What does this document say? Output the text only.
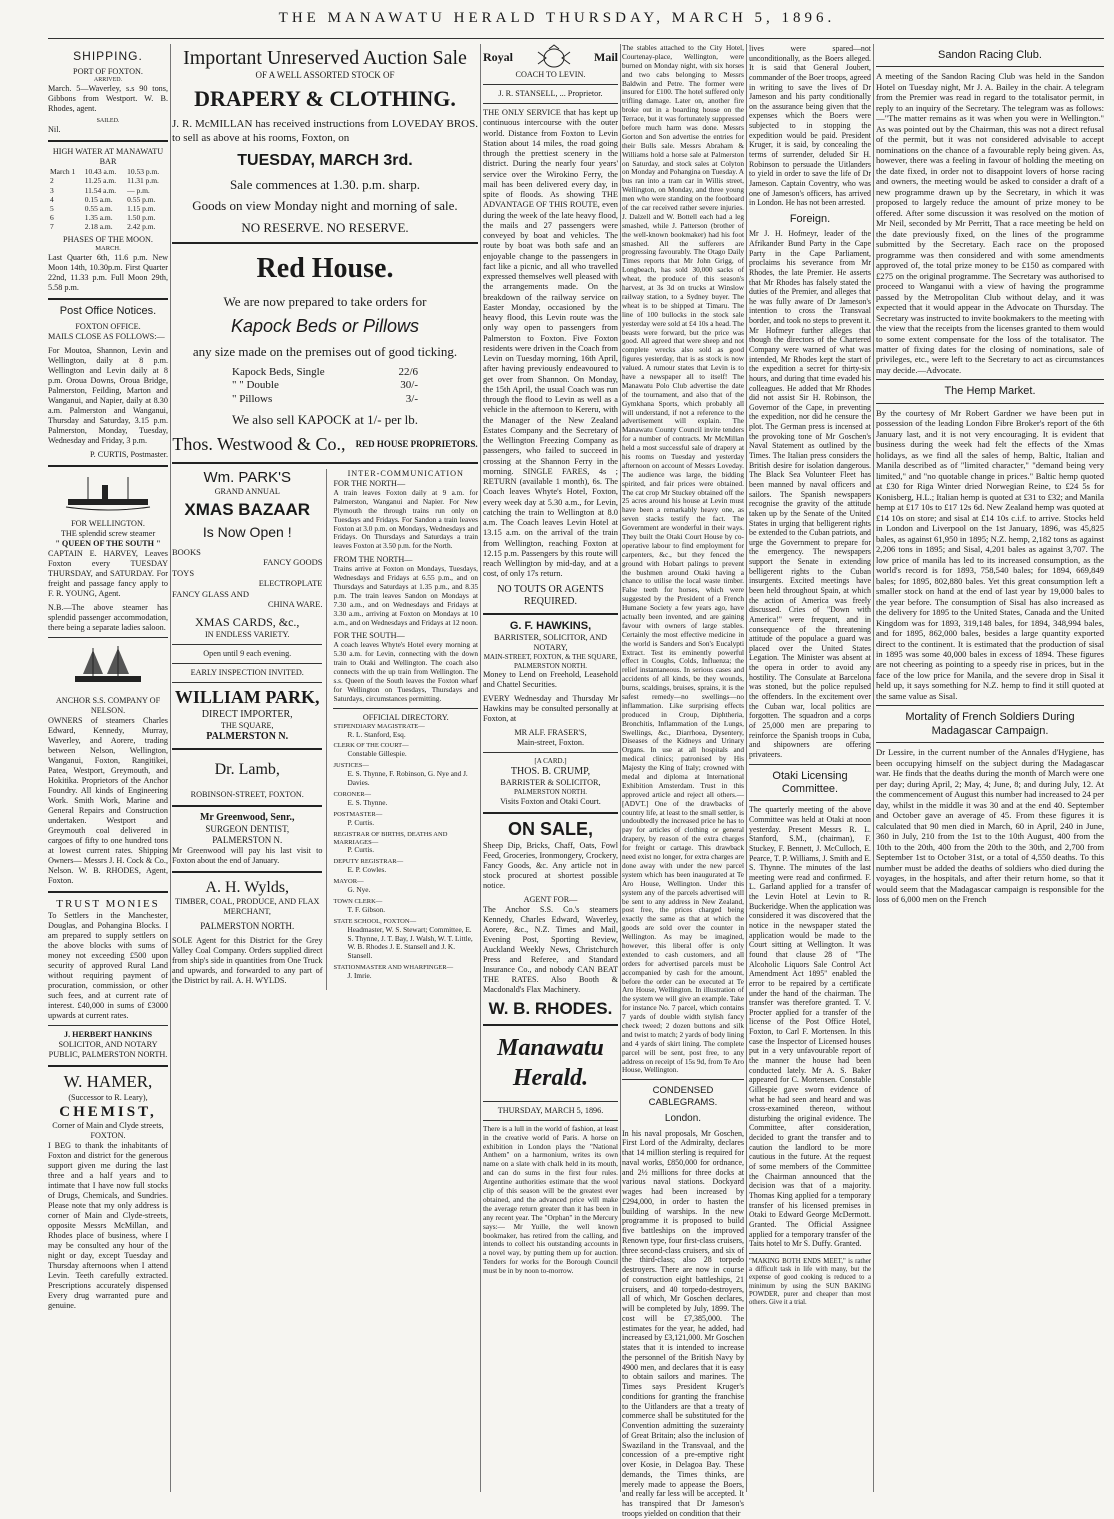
THE MANAWATU HERALD THURSDAY, MARCH 5, 1896.
SHIPPING.
PORT OF FOXTON.
ARRIVED.

March. 5—Waverley, s.s 90 tons, Gibbons from Westport. W. B. Rhodes, agent.

SAILED.

Nil.

HIGH WATER AT MANAWATU BAR
March 1	10.43 a.m.	10.53 p.m.
2	11.25 a.m.	11.31 p.m.
3	11.54 a.m.	— p.m.
4	0.15 a.m.	0.55 p.m.
5	0.55 a.m.	1.15 p.m.
6	1.35 a.m.	1.50 p.m.
7	2.18 a.m.	2.42 p.m.
PHASES OF THE MOON.
MARCH.

Last Quarter 6th, 11.6 p.m. New Moon 14th, 10.30p.m. First Quarter 22nd, 11.33 p.m. Full Moon 29th, 5.58 p.m.

Post Office Notices.
FOXTON OFFICE.

MAILS CLOSE AS FOLLOWS:—

For Moutoa, Shannon, Levin and Wellington, daily at 8 p.m. Wellington and Levin daily at 8 p.m. Oroua Downs, Oroua Bridge, Palmerston, Feilding, Marton and Wanganui, and Napier, daily at 8.30 a.m. Palmerston and Wanganui, Thursday and Saturday, 3.15 p.m. Palmerston, Monday, Tuesday, Wednesday and Friday, 3 p.m.

P. CURTIS, Postmaster.

FOR WELLINGTON.
THE splendid screw steamer
" QUEEN OF THE SOUTH "

CAPTAIN E. HARVEY, Leaves Foxton every TUESDAY THURSDAY, and SATURDAY. For freight and passage fancy apply to F. R. YOUNG, Agent.

N.B.—The above steamer has splendid passenger accommodation, there being a separate ladies saloon.

ANCHOR S.S. COMPANY OF NELSON.

OWNERS of steamers Charles Edward, Kennedy, Murray, Waverley, and Aorere, trading between Nelson, Wellington, Wanganui, Foxton, Rangitikei, Patea, Westport, Greymouth, and Hokitika. Proprietors of the Anchor Foundry. All kinds of Engineering Work. Smith Work, Marine and General Repairs and Construction undertaken. Westport and Greymouth coal delivered in cargoes of fifty to one hundred tons at lowest current rates. Shipping Owners— Messrs J. H. Cock & Co., Nelson. W. B. RHODES, Agent, Foxton.

TRUST MONIES

To Settlers in the Manchester, Douglas, and Pohangina Blocks. I am prepared to supply settlers on the above blocks with sums of money not exceeding £500 upon security of approved Rural Land without requiring payment of procuration, commission, or other such fees, and at current rate of interest. £40,000 in sums of £3000 upwards at current rates.

J. HERBERT HANKINS
SOLICITOR, AND NOTARY PUBLIC, PALMERSTON NORTH.
W. HAMER,
(Successor to R. Leary),
CHEMIST,
Corner of Main and Clyde streets, FOXTON.

I BEG to thank the inhabitants of Foxton and district for the generous support given me during the last three and a half years and to intimate that I have now full stocks of Drugs, Chemicals, and Sundries. Please note that my only address is corner of Main and Clyde-streets, opposite Messrs McMillan, and Rhodes place of business, where I may be consulted any hour of the night or day, except Tuesday and Thursday afternoons when I attend Levin. Teeth carefully extracted. Prescriptions accurately dispensed Every drug warranted pure and genuine.

Important Unreserved Auction Sale
OF A WELL ASSORTED STOCK OF
DRAPERY & CLOTHING.

J. R. McMILLAN has received instructions from LOVEDAY BROS. to sell as above at his rooms, Foxton, on

TUESDAY, MARCH 3rd.
Sale commences at 1.30. p.m. sharp.
Goods on view Monday night and morning of sale.
NO RESERVE. NO RESERVE.
Red House.
We are now prepared to take orders for
Kapock Beds or Pillows
any size made on the premises out of good ticking.
Kapock Beds, Single	22/6
" " Double	30/-
" Pillows	3/-
We also sell KAPOCK at 1/- per lb.
Thos. Westwood & Co., RED HOUSE PROPRIETORS.
Wm. PARK'S
GRAND ANNUAL
XMAS BAZAAR
Is Now Open !
BOOKS
FANCY GOODS
TOYS
ELECTROPLATE
FANCY GLASS AND
CHINA WARE.
XMAS CARDS, &c.,
IN ENDLESS VARIETY.
Open until 9 each evening.
EARLY INSPECTION INVITED.
WILLIAM PARK,
DIRECT IMPORTER,
THE SQUARE,
PALMERSTON N.
Dr. Lamb,
ROBINSON-STREET, FOXTON.
Mr Greenwood, Senr.,
SURGEON DENTIST,
PALMERSTON N.

Mr Greenwood will pay his last visit to Foxton about the end of January.

A. H. Wylds,
TIMBER, COAL, PRODUCE, AND FLAX MERCHANT,
PALMERSTON NORTH.

SOLE Agent for this District for the Grey Valley Coal Company. Orders supplied direct from ship's side in quantities from One Truck and upwards, and forwarded to any part of the District by rail. A. H. WYLDS.

INTER-COMMUNICATION
FOR THE NORTH—

A train leaves Foxton daily at 9 a.m. for Palmerston, Wanganui and Napier. For New Plymouth the through trains run only on Tuesdays and Fridays. For Sandon a train leaves Foxton at 3.0 p.m. on Mondays, Wednesdays and Fridays. On Thursdays and Saturdays a train leaves Foxton at 3.50 p.m. for the North.

FROM THE NORTH—

Trains arrive at Foxton on Mondays, Tuesdays, Wednesdays and Fridays at 6.55 p.m., and on Thursdays and Saturdays at 1.35 p.m., and 8.35 p.m. The train leaves Sandon on Mondays at 7.30 a.m., and on Wednesdays and Fridays at 3.30 a.m., arriving at Foxton on Mondays at 10 a.m., and on Wednesdays and Fridays at 12 noon.

FOR THE SOUTH—

A coach leaves Whyte's Hotel every morning at 5.30 a.m. for Levin, connecting with the down train to Otaki and Wellington. The coach also connects with the up train from Wellington. The s.s. Queen of the South leaves the Foxton wharf for Wellington on Tuesdays, Thursdays and Saturdays, circumstances permitting.

OFFICIAL DIRECTORY.
STIPENDIARY MAGISTRATE—
R. L. Stanford, Esq.
CLERK OF THE COURT—
Constable Gillespie.
JUSTICES—
E. S. Thynne, F. Robinson, G. Nye and J. Davies.
CORONER—
E. S. Thynne.
POSTMASTER—
P. Curtis.
REGISTRAR OF BIRTHS, DEATHS AND MARRIAGES—
P. Curtis.
DEPUTY REGISTRAR—
E. P. Cowles.
MAYOR—
G. Nye.
TOWN CLERK—
T. F. Gibson.
STATE SCHOOL, FOXTON—
Headmaster, W. S. Stewart; Committee, E. S. Thynne, J. T. Bay, J. Walsh, W. T. Little, W. B. Rhodes J. E. Stansell and J. K. Stansell.
STATIONMASTER AND WHARFINGER—
J. Imrie.
Royal	Mail
COACH TO LEVIN.
J. R. STANSELL, ... Proprietor.

THE ONLY SERVICE that has kept up continuous intercourse with the outer world. Distance from Foxton to Levin Station about 14 miles, the road going through the prettiest scenery in the district. During the nearly four years' service over the Wirokino Ferry, the mail has been delivered every day, in spite of floods. As showing THE ADVANTAGE OF THIS ROUTE, even during the week of the late heavy flood, the mails and 27 passengers were conveyed by boat and vehicles. The route by boat was both safe and an enjoyable change to the passengers in fact like a picnic, and all who travelled expressed themselves well pleased with the arrangements made. On the breakdown of the railway service on Easter Monday, occasioned by the heavy flood, this Levin route was the only way open to passengers from Palmerston to Foxton. Five Foxton residents were driven in the Coach from Levin on Tuesday morning, 16th April, after having previously endeavoured to get over from Shannon. On Monday, the 15th April, the usual Coach was run through the flood to Levin as well as a vehicle in the afternoon to Kereru, with the Manager of the New Zealand Estates Company and the Secretary of the Wellington Freezing Company as passengers, who failed to succeed in crossing at the Shannon Ferry in the morning. SINGLE FARES, 4s ; RETURN (available 1 month), 6s. The Coach leaves Whyte's Hotel, Foxton, every week day at 5.30 a.m., for Levin, catching the train to Wellington at 8.0 a.m. The Coach leaves Levin Hotel at 13.15 a.m. on the arrival of the train from Wellington, reaching Foxton at 12.15 p.m. Passengers by this route will reach Wellington by mid-day, and at a cost, of only 17s return.

NO TOUTS OR AGENTS REQUIRED.
G. F. HAWKINS,
BARRISTER, SOLICITOR, AND NOTARY,
MAIN-STREET, FOXTON, & THE SQUARE, PALMERSTON NORTH.

Money to Lend on Freehold, Leasehold and Chattel Securities.

EVERY Wednesday and Thursday Mr Hawkins may be consulted personally at Foxton, at

MR ALF. FRASER'S,
Main-street, Foxton.
[A CARD.]
THOS. B. CRUMP,
BARRISTER & SOLICITOR,
PALMERSTON NORTH.
Visits Foxton and Otaki Court.
ON SALE,

Sheep Dip, Bricks, Chaff, Oats, Fowl Feed, Groceries, Ironmongery, Crockery, Fancy Goods, &c. Any article not in stock procured at shortest possible notice.

AGENT FOR—

The Anchor S.S. Co.'s steamers Kennedy, Charles Edward, Waverley, Aorere, &c., N.Z. Times and Mail, Evening Post, Sporting Review, Auckland Weekly News, Christchurch Press and Referee, and Standard Insurance Co., and nobody CAN BEAT THE RATES. Also Booth & Macdonald's Flax Machinery.

W. B. RHODES.
Manawatu Herald.
THURSDAY, MARCH 5, 1896.

There is a lull in the world of fashion, at least in the creative world of Paris. A horse on exhibition in London plays the "National Anthem" on a harmonium, writes its own name on a slate with chalk held in its mouth, and can do sums in the first four rules. Argentine authorities estimate that the wool clip of this season will be the greatest ever obtained, and the advanced price will make the average return greater than it has been in any recent year. The "Orphan" in the Mercury says:— Mr Yuille, the well known bookmaker, has retired from the calling, and intends to collect his outstanding accounts in a novel way, by putting them up for auction. Tenders for works for the Borough Council must be in by noon to-morrow.

The stables attached to the City Hotel, Courtenay-place, Wellington, were burned on Monday night, with six horses and two cabs belonging to Messrs Baldwin and Petre. The former were insured for £100. The hotel suffered only trifling damage. Later on, another fire broke out in a boarding house on the Terrace, but it was fortunately suppressed before much harm was done. Messrs Gorton and Son advertise the entries for their Bulls sale. Messrs Abraham & Williams hold a horse sale at Palmerston on Saturday, and stock sales at Colyton on Monday and Pohangina on Tuesday. A bus ran into a tram car in Willis street, Wellington, on Monday, and three young men who were standing on the footboard of the car received rather severe injuries. J. Dalzell and W. Bottell each had a leg smashed, while J. Patterson (brother of the well-known bookmaker) had his foot smashed. All the sufferers are progressing favourably. The Otago Daily Times reports that Mr John Grigg, of Longbeach, has sold 30,000 sacks of wheat, the produce of this season's harvest, at 3s 3d on trucks at Winslow railway station, to a Sydney buyer. The wheat is to be shipped at Timaru. The line of 100 bullocks in the stock sale yesterday were sold at £4 10s a head. The beasts were forward, but the price was good. All agreed that were sheep and not complete wrecks also sold as good figures yesterday, that is as stock is now valued. A rumour states that Levin is to have a newspaper all to itself! The Manawatu Polo Club advertise the date of the tournament, and also that of the Gymkhana Sports, which probably all will understand, if not a reference to the advertisement will explain. The Manawatu County Council invite tenders for a number of contracts. Mr McMillan held a most successful sale of drapery at his rooms on Tuesday and yesterday afternoon on account of Messrs Loveday. The audience was large, the bidding spirited, and fair prices were obtained. The cat crop Mr Stuckey obtained off the 25 acres around his house at Levin must have been a remarkably heavy one, as seven stacks testify the fact. The Government are wonderful in their ways. They built the Otaki Court House by co-operative labour to find employment for carpenters, &c., but they fenced the ground with Hobart palings to prevent the bushmen around Otaki having a chance to utilise the local waste timber. False teeth for horses, which were suggested by the President of a French Humane Society a few years ago, have actually been invented, and are gaining favour with owners of large stables. Certainly the most effective medicine in the world is Sanders and Son's Eucalypti Extract. Test its eminently powerful effect in Coughs, Colds, Influenza; the relief instantaneous. In serious cases and accidents of all kinds, be they wounds, burns, scaldings, bruises, sprains, it is the safest remedy—no swellings—no inflammation. Like surprising effects produced in Croup, Diphtheria, Bronchitis, Inflammation of the Lungs, Swellings, &c., Diarrhoea, Dysentery, Diseases of the Kidneys and Urinary Organs. In use at all hospitals and medical clinics; patronised by His Majesty the King of Italy; crowned with medal and diploma at International Exhibition Amsterdam. Trust in this approved article and reject all others.— [ADVT.] One of the drawbacks of country life, at least to the small settler, is undoubtedly the increased price he has to pay for articles of clothing or general drapery, by reason of the extra charges for freight or cartage. This drawback need exist no longer, for extra charges are done away with under the new parcel system which has been inaugurated at Te Aro House, Wellington. Under this system any of the parcels advertised will be sent to any address in New Zealand, post free, the prices charged being exactly the same as that at which the goods are sold over the counter in Wellington. As may be imagined, however, this liberal offer is only extended to cash customers, and all orders for advertised parcels must be accompanied by cash for the amount, before the order can be executed at Te Aro House, Wellington. In illustration of the system we will give an example. Take for instance No. 7 parcel, which contains 7 yards of double width stylish fancy check tweed; 2 dozen buttons and silk and twist to match; 2 yards of body lining and 4 yards of skirt lining. The complete parcel will be sent, post free, to any address on receipt of 15s 9d, from Te Aro House, Wellington.

CONDENSED CABLEGRAMS.
London.

In his naval proposals, Mr Goschen, First Lord of the Admiralty, declares that 14 million sterling is required for naval works, £850,000 for ordnance, and 2½ millions for three docks at various naval stations. Dockyard wages had been increased by £294,000, in order to hasten the building of warships. In the new programme it is proposed to build five battleships on the improved Renown type, four first-class cruisers, three second-class cruisers, and six of the third-class; also 28 torpedo destroyers. There are now in course of construction eight battleships, 21 cruisers, and 40 torpedo-destroyers, all of which, Mr Goschen declares, will be completed by July, 1899. The cost will be £7,385,000. The estimates for the year, he added, had increased by £3,121,000. Mr Goschen states that it is intended to increase the personnel of the British Navy by 4900 men, and declares that it is easy to obtain sailors and marines. The Times says President Kruger's conditions for granting the franchise to the Uitlanders are that a treaty of commerce shall be substituted for the Convention admitting the suzerainty of Great Britain; also the inclusion of Swaziland in the Transvaal, and the concession of a pre-emptive right over Kosie, in Delagoa Bay. These demands, the Times thinks, are merely made to appease the Boers, and really far less will be accepted. It has transpired that Dr Jameson's troops yielded on condition that their

lives were spared—not unconditionally, as the Boers alleged. It is said that General Joubert, commander of the Boer troops, agreed in writing to save the lives of Dr Jameson and his party conditionally on the assurance being given that the expenses which the Boers were subjected to in stopping the expedition would be paid. President Kruger, it is said, by concealing the terms of surrender, deluded Sir H. Robinson to persuade the Uitlanders to yield in order to save the life of Dr Jameson. Captain Coventry, who was one of Jameson's officers, has arrived in London. He has not been arrested.

Foreign.

Mr J. H. Hofmeyr, leader of the Afrikander Bund Party in the Cape Party in the Cape Parliament, proclaims his severance from Mr Rhodes, the late Premier. He asserts that Mr Rhodes has falsely stated the duties of the Premier, and alleges that he was fully aware of Dr Jameson's intention to cross the Transvaal border, and took no steps to prevent it. Mr Hofmeyr further alleges that though the directors of the Chartered Company were warned of what was intended, Mr Rhodes kept the start of the expedition a secret for thirty-six hours, and during that time evaded his colleagues. He added that Mr Rhodes did not assist Sir H. Robinson, the Governor of the Cape, in preventing the expedition, nor did he censure the plot. The German press is incensed at the provoking tone of Mr Goschen's Naval Statement as outlined by the Times. The Italian press considers the British desire for isolation dangerous. The Black Sea Volunteer Fleet has been manned by naval officers and sailors. The Spanish newspapers recognise the gravity of the attitude taken up by the Senate of the United States in urging that belligerent rights be extended to the Cuban patriots, and urge the Government to prepare for the emergency. The newspapers support the Senate in extending belligerent rights to the Cuban insurgents. Excited meetings have been held throughout Spain, at which the action of America was freely discussed. Cries of "Down with America!" were frequent, and in consequence of the threatening attitude of the populace a guard was placed over the United States Legation. The Minister was absent at the opera in order to avoid any hostility. The Consulate at Barcelona was stoned, but the police repulsed the offenders. In the excitement over the Cuban war, local politics are forgotten. The squadron and a corps of 25,000 men are preparing to reinforce the Spanish troops in Cuba, and shipowners are offering privateers.

Otaki Licensing Committee.

The quarterly meeting of the above Committee was held at Otaki at noon yesterday. Present Messrs R. L. Stanford, S.M., (chairman), F. Stuckey, F. Bennett, J. McCulloch, E. Pearce, T. P. Williams, J. Smith and E. S. Thynne. The minutes of the last meeting were read and confirmed. F. L. Garland applied for a transfer of the Levin Hotel at Levin to R. Buckeridge. When the application was considered it was discovered that the notice in the newspaper stated the application would be made to the Court sitting at Wellington. It was found that clause 28 of "The Alcoholic Liquors Sale Control Act Amendment Act 1895" enabled the error to be repaired by a certificate under the hand of the chairman. The transfer was therefore granted. T. V. Procter applied for a transfer of the license of the Post Office Hotel, Foxton, to Carl F. Mortensen. In this case the Inspector of Licensed houses put in a very unfavourable report of the manner the house had been conducted lately. Mr A. S. Baker appeared for C. Mortensen. Constable Gillespie gave sworn evidence of what he had seen and heard and was cross-examined thereon, without disturbing the original evidence. The Committee, after consideration, decided to grant the transfer and to caution the landlord to be more cautious in the future. At the request of some members of the Committee the Chairman announced that the decision was that of a majority. Thomas King applied for a temporary transfer of his licensed premises in Otaki to Edward George McDermott. Granted. The Official Assignee applied for a temporary transfer of the Taits hotel to Mr S. Duffy. Granted.

"MAKING BOTH ENDS MEET," is rather a difficult task in life with many, but the expense of good cooking is reduced to a minimum by using the SUN BAKING POWDER, purer and cheaper than most others. Give it a trial.

Sandon Racing Club.

A meeting of the Sandon Racing Club was held in the Sandon Hotel on Tuesday night, Mr J. A. Bailey in the chair. A telegram from the Premier was read in regard to the totalisator permit, in reply to an inquiry of the Secretary. The telegram was as follows:—"The matter remains as it was when you were in Wellington." As was pointed out by the Chairman, this was not a direct refusal of the permit, but it was not considered advisable to accept nominations on the chance of a favourable reply being given. As, however, there was a feeling in favour of holding the meeting on the date fixed, in order not to disappoint lovers of horse racing and owners, the meeting would be asked to consider a draft of a new programme drawn up by the Secretary, in which it was proposed to largely reduce the amount of prize money to be offered. After some discussion it was resolved on the motion of Mr Neil, seconded by Mr Perritt, That a race meeting be held on the date previously fixed, on the lines of the programme submitted by the Secretary. Each race on the proposed programme was then considered and with some amendments approved of, the total prize money to be £150 as compared with £275 on the original programme. The Secretary was authorised to proceed to Wanganui with a view of having the programme passed by the Metropolitan Club without delay, and it was expected that it would appear in the Advocate on Thursday. The Secretary was instructed to invite bookmakers to the meeting with the view that the receipts from the licenses granted to them would to some extent compensate for the loss of the totalisator. The matter of fixing dates for the closing of nominations, sale of privileges, etc., were left to the Secretary to act as circumstances may decide.—Advocate.

The Hemp Market.

By the courtesy of Mr Robert Gardner we have been put in possession of the leading London Fibre Broker's report of the 6th January last, and it is not very encouraging. It is evident that business during the week had felt the effects of the Xmas holidays, as we find all the sales of hemp, Baltic, Italian and Manila described as of "limited character," "demand being very limited," and "no quotable change in prices." Baltic hemp quoted at £30 for Riga Winter dried Norwegian Reine, to £24 5s for Konisberg, H.L.; Italian hemp is quoted at £31 to £32; and Manila hemp at £17 10s to £17 12s 6d. New Zealand hemp was quoted at £14 10s on store; and sisal at £14 10s c.i.f. to arrive. Stocks held in London and Liverpool on the 1st January, 1896, was 45,825 bales, as against 61,950 in 1895; N.Z. hemp, 2,182 tons as against 2,206 tons in 1895; and Sisal, 4,201 bales as against 3,707. The low price of manila has led to its increased consumption, as the world's record is for 1893, 758,540 bales; for 1894, 669,849 bales; for 1895, 802,880 bales. Yet this great consumption left a smaller stock on hand at the end of last year by 19,000 bales to the year before. The consumption of Sisal has also increased as the delivery for 1895 to the United States, Canada and the United Kingdom was for 1893, 319,148 bales, for 1894, 348,994 bales, and for 1895, 862,000 bales, besides a large quantity exported direct to the continent. It is estimated that the production of sisal in 1895 was some 40,000 bales in excess of 1894. These figures are not cheering as pointing to a speedy rise in prices, but in the face of the low price for Manila, and the severe drop in Sisal it held up, it says something for N.Z. hemp to find it still quoted at the same value as Sisal.

Mortality of French Soldiers During Madagascar Campaign.

Dr Lessire, in the current number of the Annales d'Hygiene, has been occupying himself on the subject during the Madagascar war. He finds that the deaths during the month of March were one per day; during April, 2; May, 4; June, 8; and during July, 12. At the commencement of August this number had increased to 24 per day, whilst in the middle it was 30 and at the end 40. September and October gave an average of 45. From these figures it is calculated that 90 men died in March, 60 in April, 240 in June, 360 in July, 210 from the 1st to the 10th August, 400 from the 10th to the 20th, 400 from the 20th to the 30th, and 2,700 from September 1st to October 31st, or a total of 4,550 deaths. To this number must be added the deaths of soldiers who died during the voyages, in the hospitals, and after their return home, so that it would seem that the Madagascar campaign is responsible for the loss of 6,000 men on the French
